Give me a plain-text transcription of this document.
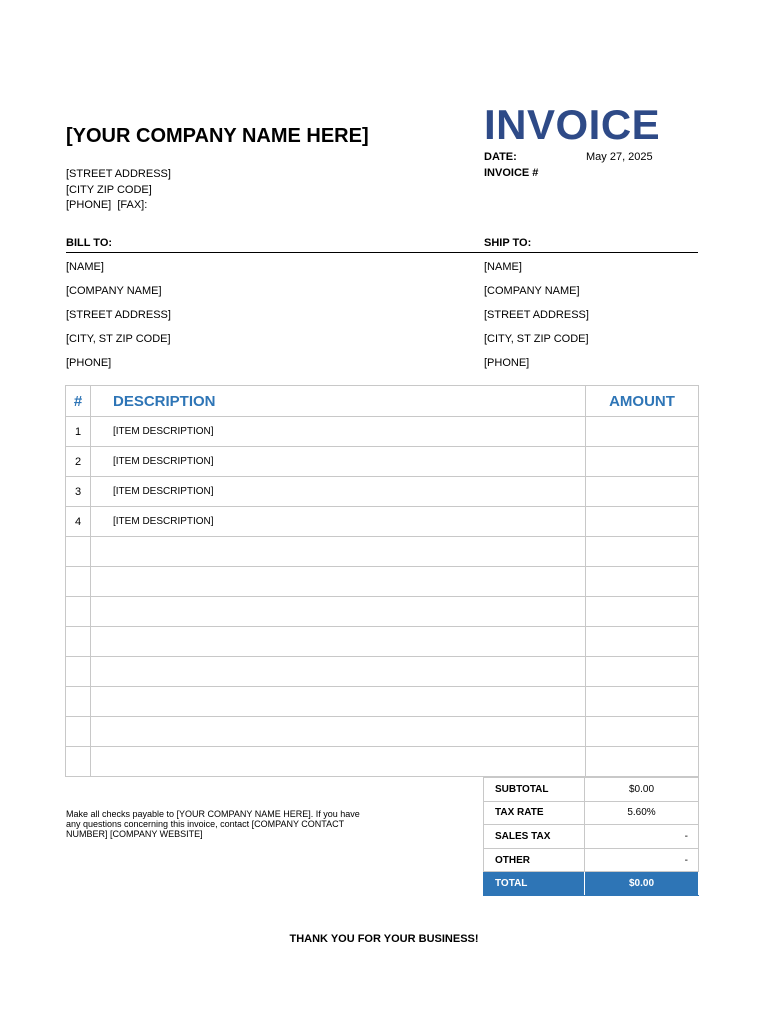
[YOUR COMPANY NAME HERE]
[STREET ADDRESS]
[CITY ZIP CODE]
[PHONE]  [FAX]:
INVOICE
DATE:	May 27, 2025
INVOICE #
BILL TO:	SHIP TO:
[NAME]
[COMPANY NAME]
[STREET ADDRESS]
[CITY, ST ZIP CODE]
[PHONE]
[NAME]
[COMPANY NAME]
[STREET ADDRESS]
[CITY, ST ZIP CODE]
[PHONE]
#	DESCRIPTION	AMOUNT
1	[ITEM DESCRIPTION]	
2	[ITEM DESCRIPTION]	
3	[ITEM DESCRIPTION]	
4	[ITEM DESCRIPTION]	

SUBTOTAL	$0.00
TAX RATE	5.60%
SALES TAX	-
OTHER	-
TOTAL	$0.00
Make all checks payable to [YOUR COMPANY NAME HERE]. If you have any questions concerning this invoice, contact [COMPANY CONTACT NUMBER] [COMPANY WEBSITE]
THANK YOU FOR YOUR BUSINESS!
